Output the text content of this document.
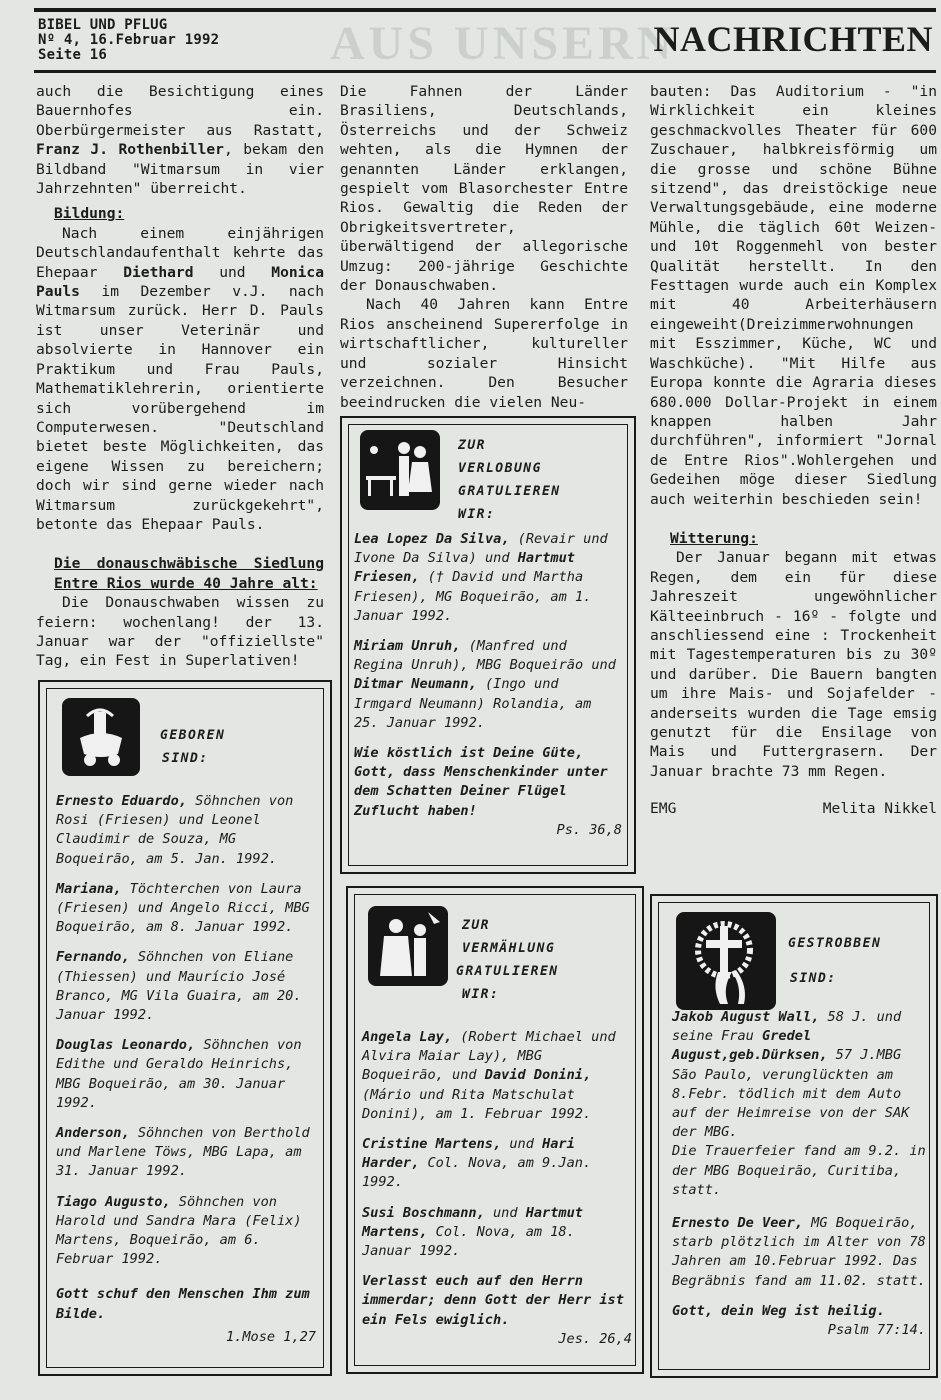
AUS UNSERN
BIBEL UND PFLUG
Nº 4, 16.Februar 1992
Seite 16	NACHRICHTEN

auch die Besichtigung eines Bauernhofes ein. Oberbürgermeister aus Rastatt, Franz J. Rothenbiller, bekam den Bildband "Witmarsum in vier Jahrzehnten" überreicht.

Bildung:

Nach einem einjährigen Deutschlandaufenthalt kehrte das Ehepaar Diethard und Monica Pauls im Dezember v.J. nach Witmarsum zurück. Herr D. Pauls ist unser Veterinär und absolvierte in Hannover ein Praktikum und Frau Pauls, Mathematiklehrerin, orientierte sich vorübergehend im Computerwesen. "Deutschland bietet beste Möglichkeiten, das eigene Wissen zu bereichern; doch wir sind gerne wieder nach Witmarsum zurückgekehrt", betonte das Ehepaar Pauls.

Die donauschwäbische Siedlung Entre Rios wurde 40 Jahre alt:

Die Donauschwaben wissen zu feiern: wochenlang! der 13. Januar war der "offiziellste" Tag, ein Fest in Superlativen!

Die Fahnen der Länder Brasiliens, Deutschlands, Österreichs und der Schweiz wehten, als die Hymnen der genannten Länder erklangen, gespielt vom Blasorchester Entre Rios. Gewaltig die Reden der Obrigkeitsvertreter, überwältigend der allegorische Umzug: 200-jährige Geschichte der Donauschwaben.

Nach 40 Jahren kann Entre Rios anscheinend Supererfolge in wirtschaftlicher, kultureller und sozialer Hinsicht verzeichnen. Den Besucher beeindrucken die vielen Neu-

bauten: Das Auditorium - "in Wirklichkeit ein kleines geschmackvolles Theater für 600 Zuschauer, halbkreisförmig um die grosse und schöne Bühne sitzend", das dreistöckige neue Verwaltungsgebäude, eine moderne Mühle, die täglich 60t Weizen- und 10t Roggenmehl von bester Qualität herstellt. In den Festtagen wurde auch ein Komplex mit 40 Arbeiterhäusern eingeweiht(Dreizimmerwohnungen mit Esszimmer, Küche, WC und Waschküche). "Mit Hilfe aus Europa konnte die Agraria dieses 680.000 Dollar-Projekt in einem knappen halben Jahr durchführen", informiert "Jornal de Entre Rios".Wohlergehen und Gedeihen möge dieser Siedlung auch weiterhin beschieden sein!

Witterung:

Der Januar begann mit etwas Regen, dem ein für diese Jahreszeit ungewöhnlicher Kälteeinbruch - 16º - folgte und anschliessend eine : Trockenheit mit Tagestemperaturen bis zu 30º und darüber. Die Bauern bangten um ihre Mais- und Sojafelder - anderseits wurden die Tage emsig genutzt für die Ensilage von Mais und Futtergrasern. Der Januar brachte 73 mm Regen.

EMG	Melita Nikkel

GEBOREN
SIND:

Ernesto Eduardo, Söhnchen von Rosi (Friesen) und Leonel Claudimir de Souza, MG Boqueirão, am 5. Jan. 1992.

Mariana, Töchterchen von Laura (Friesen) und Angelo Ricci, MBG Boqueirão, am 8. Januar 1992.

Fernando, Söhnchen von Eliane (Thiessen) und Maurício José Branco, MG Vila Guaira, am 20. Januar 1992.

Douglas Leonardo, Söhnchen von Edithe und Geraldo Heinrichs, MBG Boqueirão, am 30. Januar 1992.

Anderson, Söhnchen von Berthold und Marlene Töws, MBG Lapa, am 31. Januar 1992.

Tiago Augusto, Söhnchen von Harold und Sandra Mara (Felix) Martens, Boqueirão, am 6. Februar 1992.

Gott schuf den Menschen Ihm zum Bilde.

1.Mose 1,27
ZUR
VERLOBUNG
GRATULIEREN
WIR:

Lea Lopez Da Silva, (Revair und Ivone Da Silva) und Hartmut Friesen, († David und Martha Friesen), MG Boqueirão, am 1. Januar 1992.

Miriam Unruh, (Manfred und Regina Unruh), MBG Boqueirão und Ditmar Neumann, (Ingo und Irmgard Neumann) Rolandia, am 25. Januar 1992.

Wie köstlich ist Deine Güte, Gott, dass Menschenkinder unter dem Schatten Deiner Flügel Zuflucht haben!

Ps. 36,8
ZUR
VERMÄHLUNG
GRATULIEREN
WIR:

Angela Lay, (Robert Michael und Alvira Maiar Lay), MBG Boqueirão, und David Donini, (Mário und Rita Matschulat Donini), am 1. Februar 1992.

Cristine Martens, und Hari Harder, Col. Nova, am 9.Jan. 1992.

Susi Boschmann, und Hartmut Martens, Col. Nova, am 18. Januar 1992.

Verlasst euch auf den Herrn immerdar; denn Gott der Herr ist ein Fels ewiglich.

Jes. 26,4
GESTROBBEN
SIND:

Jakob August Wall, 58 J. und seine Frau Gredel August,geb.Dürksen, 57 J.MBG São Paulo, verunglückten am 8.Febr. tödlich mit dem Auto auf der Heimreise von der SAK der MBG.
Die Trauerfeier fand am 9.2. in der MBG Boqueirão, Curitiba, statt.

Ernesto De Veer, MG Boqueirão, starb plötzlich im Alter von 78 Jahren am 10.Februar 1992. Das Begräbnis fand am 11.02. statt.

Gott, dein Weg ist heilig.

Psalm 77:14.
